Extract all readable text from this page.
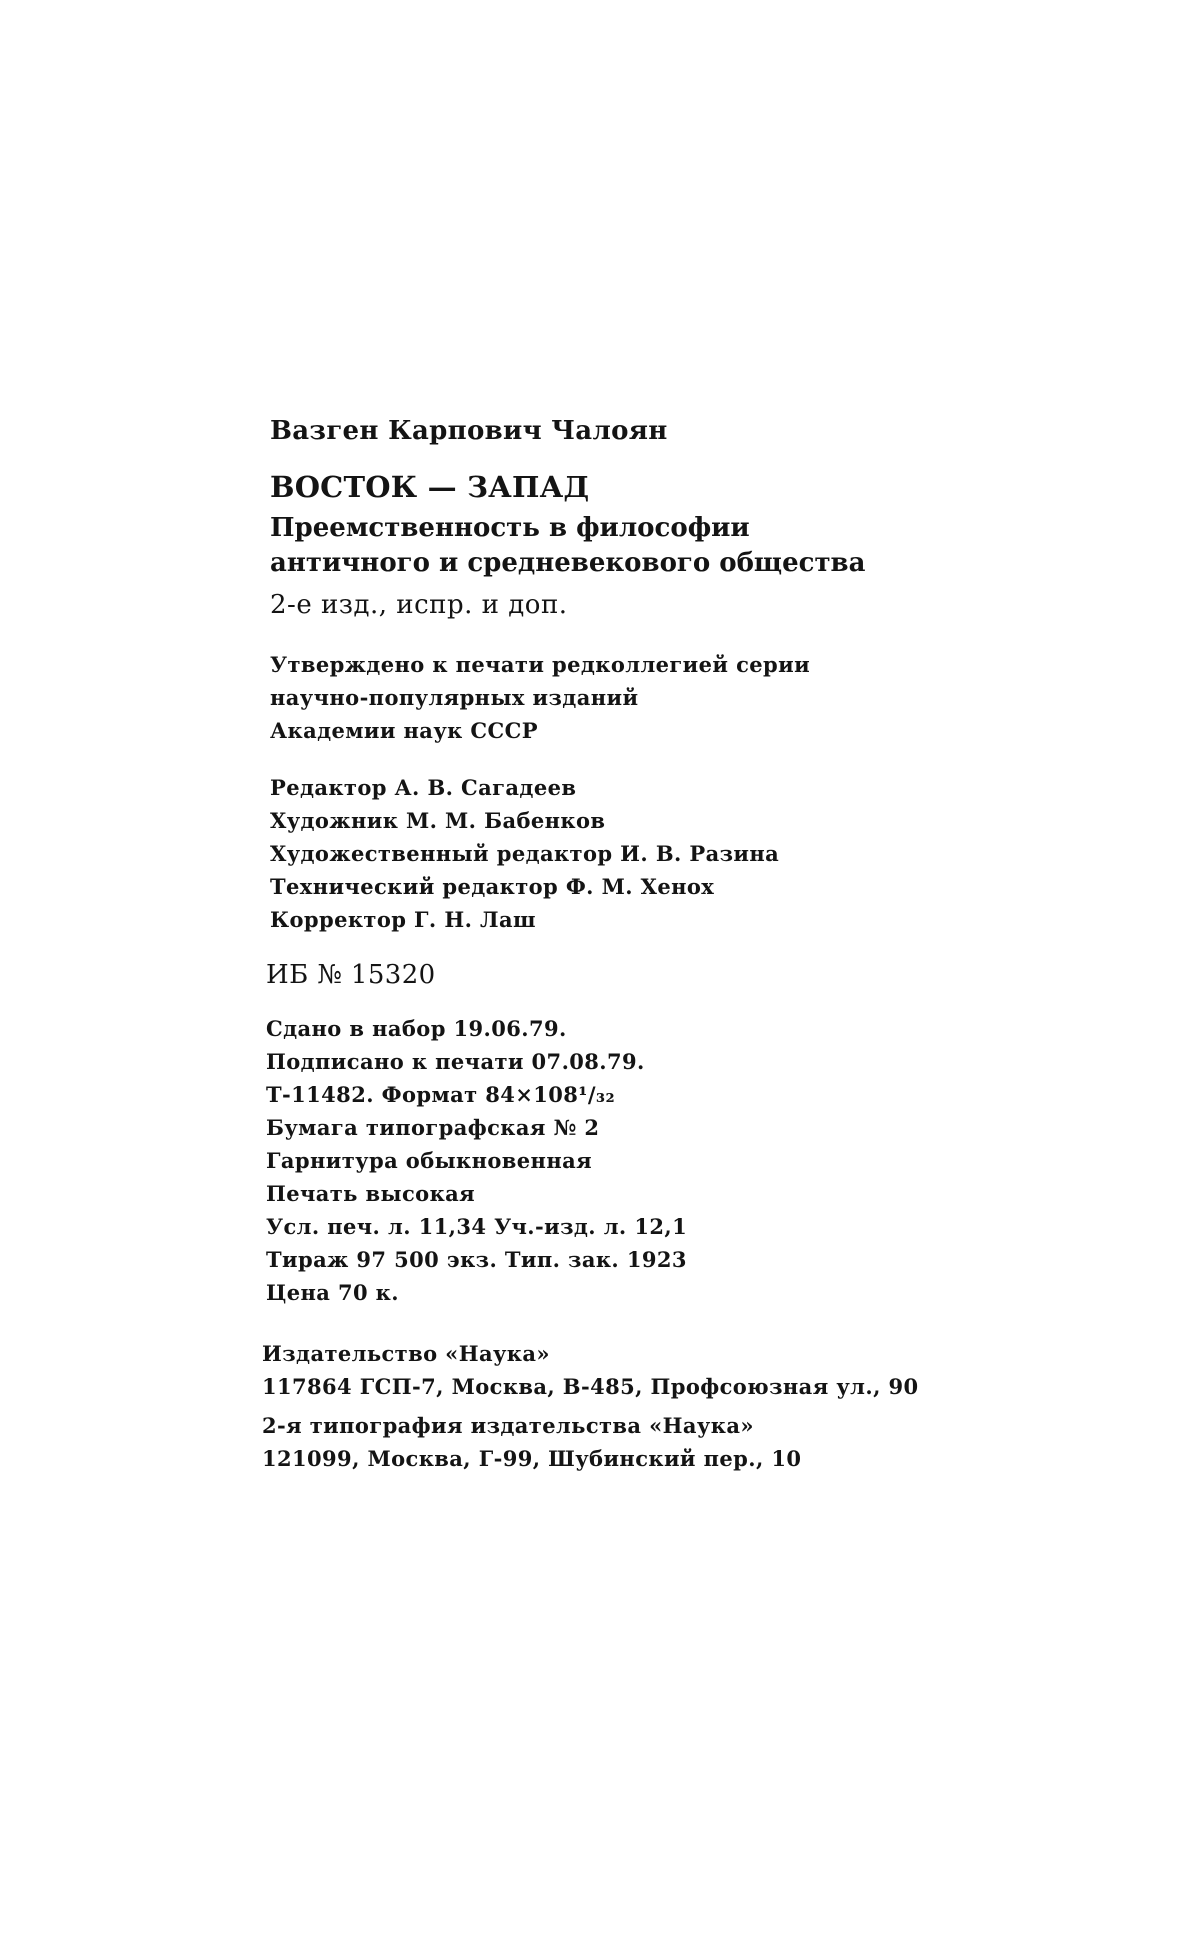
Вазген Карпович Чалоян
ВОСТОК — ЗАПАД
Преемственность в философии
античного и средневекового общества
2-е изд., испр. и доп.
Утверждено к печати редколлегией серии
научно-популярных изданий
Академии наук СССР
Редактор А. В. Сагадеев
Художник М. М. Бабенков
Художественный редактор И. В. Разина
Технический редактор Ф. М. Хенох
Корректор Г. Н. Лаш
ИБ № 15320
Сдано в набор 19.06.79.
Подписано к печати 07.08.79.
Т-11482. Формат 84×108¹/₃₂
Бумага типографская № 2
Гарнитура обыкновенная
Печать высокая
Усл. печ. л. 11,34 Уч.-изд. л. 12,1
Тираж 97 500 экз. Тип. зак. 1923
Цена 70 к.
Издательство «Наука»
117864 ГСП-7, Москва, В-485, Профсоюзная ул., 90
2-я типография издательства «Наука»
121099, Москва, Г-99, Шубинский пер., 10
